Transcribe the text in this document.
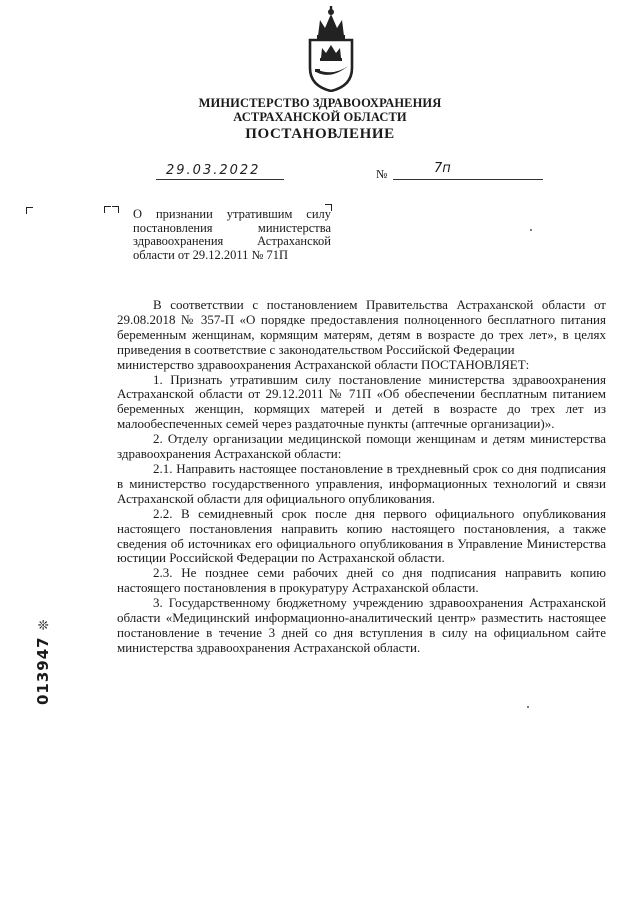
МИНИСТЕРСТВО ЗДРАВООХРАНЕНИЯ
АСТРАХАНСКОЙ ОБЛАСТИ
ПОСТАНОВЛЕНИЕ
29.03.2022	№	7п
О признании утратившим силу постановления министерства здравоохранения Астраханской области от 29.12.2011 № 71П

В соответствии с постановлением Правительства Астраханской области от 29.08.2018 № 357-П «О порядке предоставления полноценного бесплатного питания беременным женщинам, кормящим матерям, детям в возрасте до трех лет», в целях приведения в соответствие с законодательством Российской Федерации

министерство здравоохранения Астраханской области ПОСТАНОВЛЯЕТ:

1. Признать утратившим силу постановление министерства здравоохранения Астраханской области от 29.12.2011 № 71П «Об обеспечении бесплатным питанием беременных женщин, кормящих матерей и детей в возрасте до трех лет из малообеспеченных семей через раздаточные пункты (аптечные организации)».

2. Отделу организации медицинской помощи женщинам и детям министерства здравоохранения Астраханской области:

2.1. Направить настоящее постановление в трехдневный срок со дня подписания в министерство государственного управления, информационных технологий и связи Астраханской области для официального опубликования.

2.2. В семидневный срок после дня первого официального опубликования настоящего постановления направить копию настоящего постановления, а также сведения об источниках его официального опубликования в Управление Министерства юстиции Российской Федерации по Астраханской области.

2.3. Не позднее семи рабочих дней со дня подписания направить копию настоящего постановления в прокуратуру Астраханской области.

3. Государственному бюджетному учреждению здравоохранения Астраханской области «Медицинский информационно-аналитический центр» разместить настоящее постановление в течение 3 дней со дня вступления в силу на официальном сайте министерства здравоохранения Астраханской области.

013947❊
